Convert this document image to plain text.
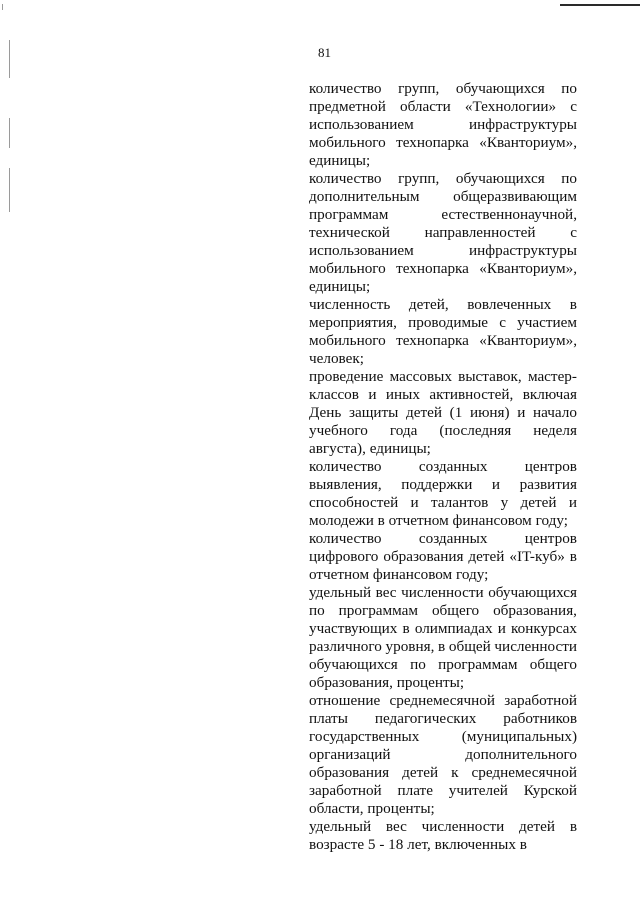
81
количество групп, обучающихся по
предметной области «Технологии» с
использованием	инфраструктуры
мобильного технопарка «Кванториум»,
единицы;
количество групп, обучающихся по
дополнительным общеразвивающим
программам	естественнонаучной,
технической направленностей с
использованием	инфраструктуры
мобильного технопарка «Кванториум»,
единицы;
численность детей, вовлеченных в
мероприятия, проводимые с участием
мобильного технопарка «Кванториум»,
человек;
проведение массовых выставок, мастер-
классов и иных активностей, включая
День защиты детей (1 июня) и начало
учебного года (последняя неделя
августа), единицы;
количество созданных центров
выявления, поддержки и развития
способностей и талантов у детей и
молодежи в отчетном финансовом году;
количество созданных центров
цифрового образования детей «IT-куб» в
отчетном финансовом году;
удельный вес численности обучающихся
по программам общего образования,
участвующих в олимпиадах и конкурсах
различного уровня, в общей численности
обучающихся по программам общего
образования, проценты;
отношение среднемесячной заработной
платы педагогических работников
государственных	(муниципальных)
организаций	дополнительного
образования детей к среднемесячной
заработной плате учителей Курской
области, проценты;
удельный вес численности детей в
возрасте 5 - 18 лет, включенных в
